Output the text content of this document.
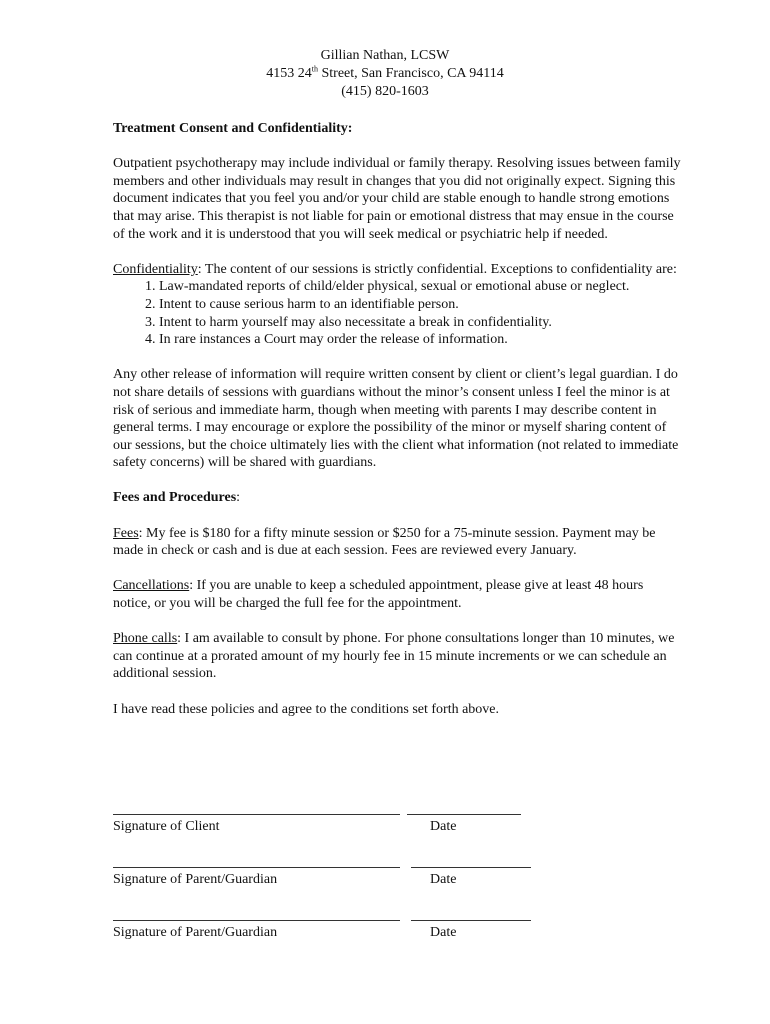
Gillian Nathan, LCSW
4153 24th Street, San Francisco, CA 94114
(415) 820-1603

Treatment Consent and Confidentiality:

Outpatient psychotherapy may include individual or family therapy. Resolving issues between family members and other individuals may result in changes that you did not originally expect. Signing this document indicates that you feel you and/or your child are stable enough to handle strong emotions that may arise. This therapist is not liable for pain or emotional distress that may ensue in the course of the work and it is understood that you will seek medical or psychiatric help if needed.

Confidentiality: The content of our sessions is strictly confidential. Exceptions to confidentiality are:

1. Law-mandated reports of child/elder physical, sexual or emotional abuse or neglect.
2. Intent to cause serious harm to an identifiable person.
3. Intent to harm yourself may also necessitate a break in confidentiality.
4. In rare instances a Court may order the release of information.

Any other release of information will require written consent by client or client’s legal guardian. I do not share details of sessions with guardians without the minor’s consent unless I feel the minor is at risk of serious and immediate harm, though when meeting with parents I may describe content in general terms. I may encourage or explore the possibility of the minor or myself sharing content of our sessions, but the choice ultimately lies with the client what information (not related to immediate safety concerns) will be shared with guardians.

Fees and Procedures:

Fees: My fee is $180 for a fifty minute session or $250 for a 75-minute session. Payment may be made in check or cash and is due at each session. Fees are reviewed every January.

Cancellations: If you are unable to keep a scheduled appointment, please give at least 48 hours notice, or you will be charged the full fee for the appointment.

Phone calls: I am available to consult by phone. For phone consultations longer than 10 minutes, we can continue at a prorated amount of my hourly fee in 15 minute increments or we can schedule an additional session.

I have read these policies and agree to the conditions set forth above.

Signature of Client	Date
Signature of Parent/Guardian	Date
Signature of Parent/Guardian	Date
